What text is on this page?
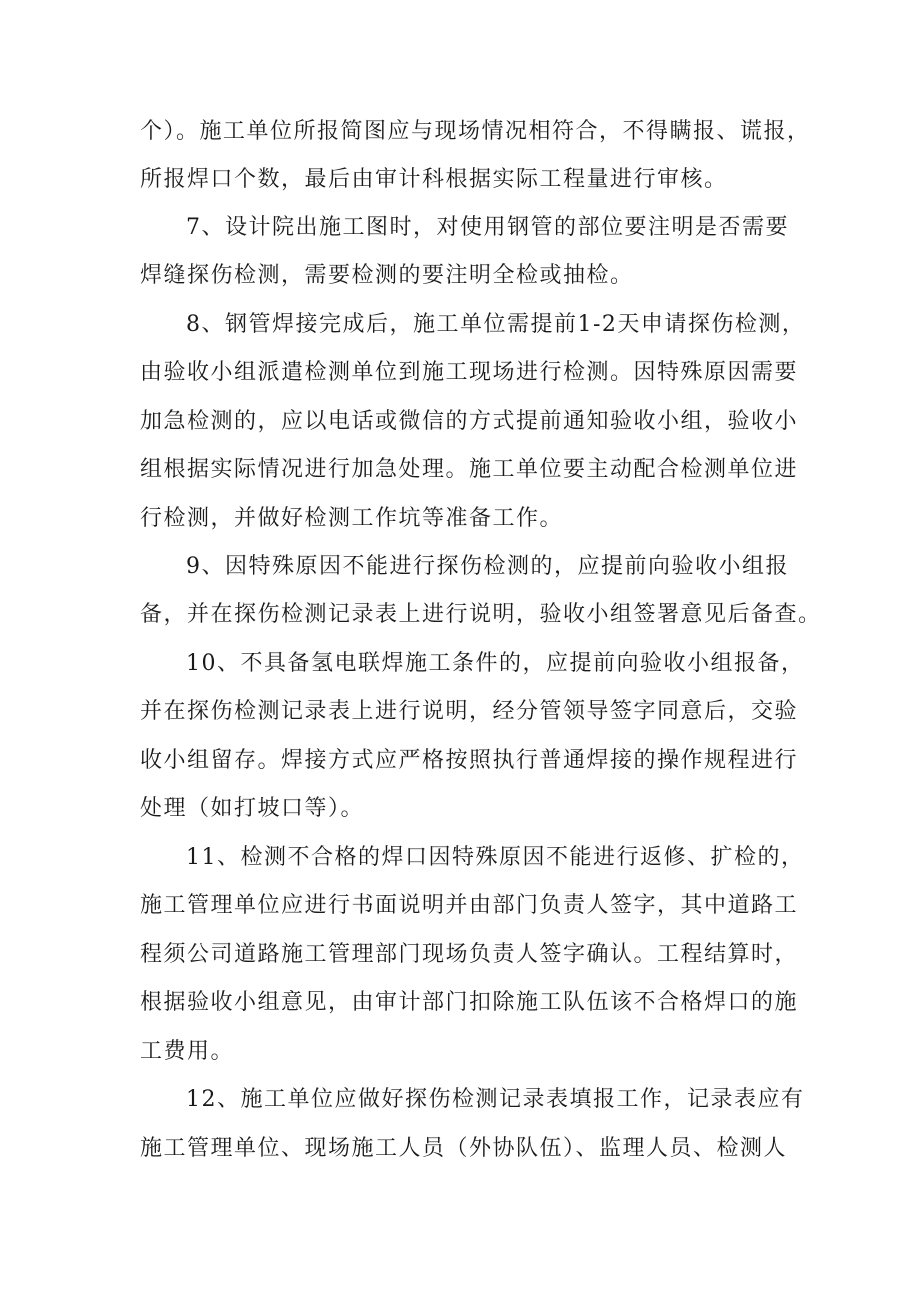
个）。施工单位所报简图应与现场情况相符合，不得瞒报、谎报，
所报焊口个数，最后由审计科根据实际工程量进行审核。
7、设计院出施工图时，对使用钢管的部位要注明是否需要
焊缝探伤检测，需要检测的要注明全检或抽检。
8、钢管焊接完成后，施工单位需提前1-2天申请探伤检测，
由验收小组派遣检测单位到施工现场进行检测。因特殊原因需要
加急检测的，应以电话或微信的方式提前通知验收小组，验收小
组根据实际情况进行加急处理。施工单位要主动配合检测单位进
行检测，并做好检测工作坑等准备工作。
9、因特殊原因不能进行探伤检测的，应提前向验收小组报
备，并在探伤检测记录表上进行说明，验收小组签署意见后备查。
10、不具备氢电联焊施工条件的，应提前向验收小组报备，
并在探伤检测记录表上进行说明，经分管领导签字同意后，交验
收小组留存。焊接方式应严格按照执行普通焊接的操作规程进行
处理（如打坡口等）。
11、检测不合格的焊口因特殊原因不能进行返修、扩检的，
施工管理单位应进行书面说明并由部门负责人签字，其中道路工
程须公司道路施工管理部门现场负责人签字确认。工程结算时，
根据验收小组意见，由审计部门扣除施工队伍该不合格焊口的施
工费用。
12、施工单位应做好探伤检测记录表填报工作，记录表应有
施工管理单位、现场施工人员（外协队伍）、监理人员、检测人
